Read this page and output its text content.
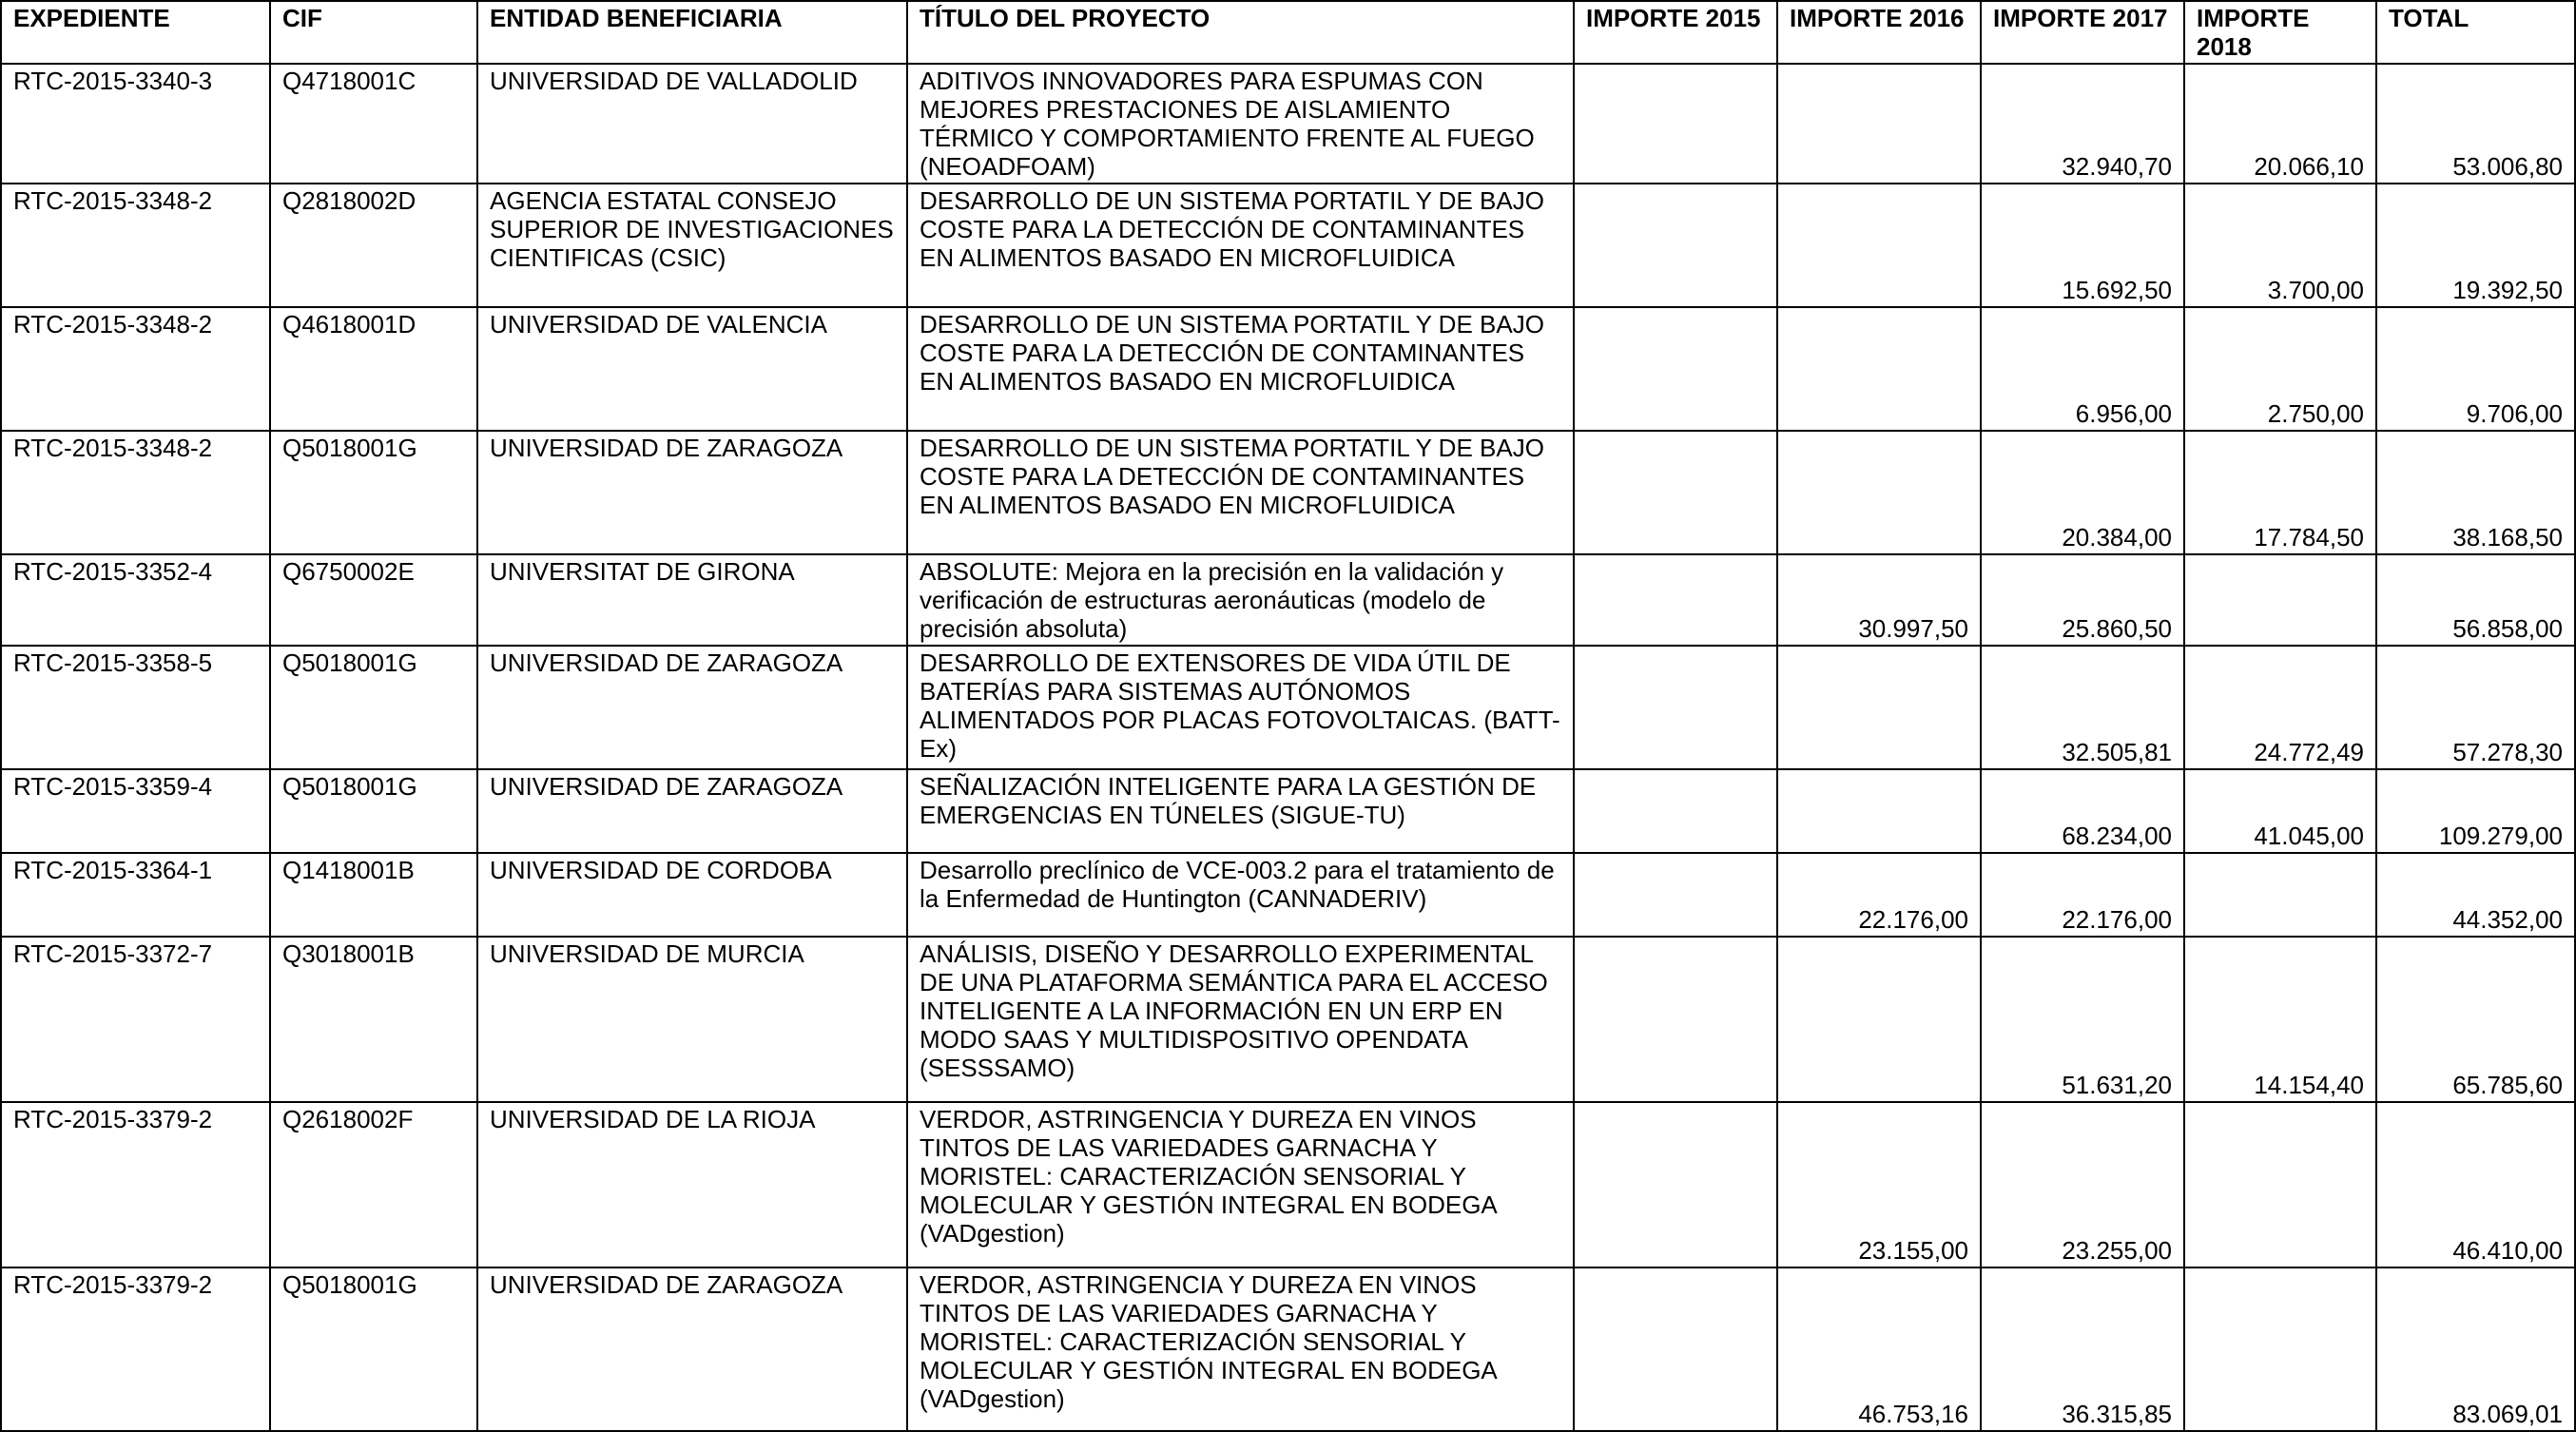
EXPEDIENTE	CIF	ENTIDAD BENEFICIARIA	TÍTULO DEL PROYECTO	IMPORTE 2015	IMPORTE 2016	IMPORTE 2017	IMPORTE 2018	TOTAL
RTC-2015-3340-3	Q4718001C	UNIVERSIDAD DE VALLADOLID	ADITIVOS INNOVADORES PARA ESPUMAS CON MEJORES PRESTACIONES DE AISLAMIENTO TÉRMICO Y COMPORTAMIENTO FRENTE AL FUEGO (NEOADFOAM)			32.940,70	20.066,10	53.006,80
RTC-2015-3348-2	Q2818002D	AGENCIA ESTATAL CONSEJO SUPERIOR DE INVESTIGACIONES CIENTIFICAS (CSIC)	DESARROLLO DE UN SISTEMA PORTATIL Y DE BAJO COSTE PARA LA DETECCIÓN DE CONTAMINANTES EN ALIMENTOS BASADO EN MICROFLUIDICA			15.692,50	3.700,00	19.392,50
RTC-2015-3348-2	Q4618001D	UNIVERSIDAD DE VALENCIA	DESARROLLO DE UN SISTEMA PORTATIL Y DE BAJO COSTE PARA LA DETECCIÓN DE CONTAMINANTES EN ALIMENTOS BASADO EN MICROFLUIDICA			6.956,00	2.750,00	9.706,00
RTC-2015-3348-2	Q5018001G	UNIVERSIDAD DE ZARAGOZA	DESARROLLO DE UN SISTEMA PORTATIL Y DE BAJO COSTE PARA LA DETECCIÓN DE CONTAMINANTES EN ALIMENTOS BASADO EN MICROFLUIDICA			20.384,00	17.784,50	38.168,50
RTC-2015-3352-4	Q6750002E	UNIVERSITAT DE GIRONA	ABSOLUTE: Mejora en la precisión en la validación y verificación de estructuras aeronáuticas (modelo de precisión absoluta)		30.997,50	25.860,50		56.858,00
RTC-2015-3358-5	Q5018001G	UNIVERSIDAD DE ZARAGOZA	DESARROLLO DE EXTENSORES DE VIDA ÚTIL DE BATERÍAS PARA SISTEMAS AUTÓNOMOS ALIMENTADOS POR PLACAS FOTOVOLTAICAS. (BATT-Ex)			32.505,81	24.772,49	57.278,30
RTC-2015-3359-4	Q5018001G	UNIVERSIDAD DE ZARAGOZA	SEÑALIZACIÓN INTELIGENTE PARA LA GESTIÓN DE EMERGENCIAS EN TÚNELES (SIGUE-TU)			68.234,00	41.045,00	109.279,00
RTC-2015-3364-1	Q1418001B	UNIVERSIDAD DE CORDOBA	Desarrollo preclínico de VCE-003.2 para el tratamiento de la Enfermedad de Huntington (CANNADERIV)		22.176,00	22.176,00		44.352,00
RTC-2015-3372-7	Q3018001B	UNIVERSIDAD DE MURCIA	ANÁLISIS, DISEÑO Y DESARROLLO EXPERIMENTAL DE UNA PLATAFORMA SEMÁNTICA PARA EL ACCESO INTELIGENTE A LA INFORMACIÓN EN UN ERP EN MODO SAAS Y MULTIDISPOSITIVO OPENDATA (SESSSAMO)			51.631,20	14.154,40	65.785,60
RTC-2015-3379-2	Q2618002F	UNIVERSIDAD DE LA RIOJA	VERDOR, ASTRINGENCIA Y DUREZA EN VINOS TINTOS DE LAS VARIEDADES GARNACHA Y MORISTEL: CARACTERIZACIÓN SENSORIAL Y MOLECULAR Y GESTIÓN INTEGRAL EN BODEGA (VADgestion)		23.155,00	23.255,00		46.410,00
RTC-2015-3379-2	Q5018001G	UNIVERSIDAD DE ZARAGOZA	VERDOR, ASTRINGENCIA Y DUREZA EN VINOS TINTOS DE LAS VARIEDADES GARNACHA Y MORISTEL: CARACTERIZACIÓN SENSORIAL Y MOLECULAR Y GESTIÓN INTEGRAL EN BODEGA (VADgestion)		46.753,16	36.315,85		83.069,01
